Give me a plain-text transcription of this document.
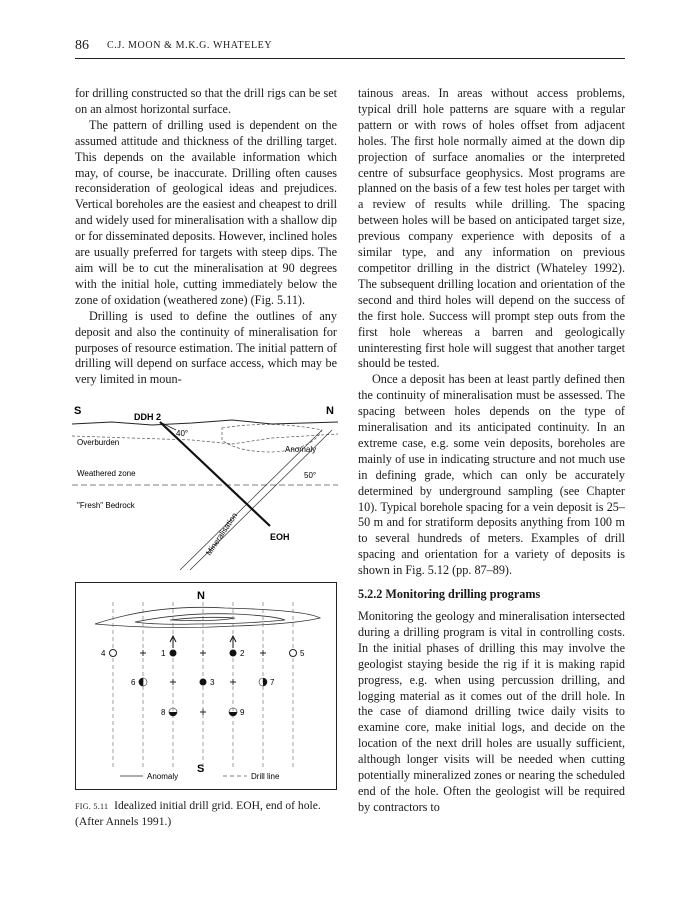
86 C.J. MOON & M.K.G. WHATELEY

for drilling constructed so that the drill rigs can be set on an almost horizontal surface.

The pattern of drilling used is dependent on the assumed attitude and thickness of the drilling target. This depends on the available information which may, of course, be inaccurate. Drilling often causes reconsideration of geological ideas and prejudices. Vertical boreholes are the easiest and cheapest to drill and widely used for mineralisation with a shallow dip or for disseminated deposits. However, inclined holes are usually preferred for targets with steep dips. The aim will be to cut the mineralisation at 90 degrees with the initial hole, cutting immediately below the zone of oxidation (weathered zone) (Fig. 5.11).

Drilling is used to define the outlines of any deposit and also the continuity of mineralisation for purposes of resource estimation. The initial pattern of drilling will depend on surface access, which may be very limited in moun-

S	N
DDH 2
Anomaly
Overburden
Weathered zone
"Fresh" Bedrock
Mineralisation
40°
50°
EOH
N
S
4	1	2	5
6	3	7
8	9
Anomaly	Drill line
FIG. 5.11 Idealized initial drill grid. EOH, end of hole. (After Annels 1991.)

tainous areas. In areas without access problems, typical drill hole patterns are square with a regular pattern or with rows of holes offset from adjacent holes. The first hole normally aimed at the down dip projection of surface anomalies or the interpreted centre of subsurface geophysics. Most programs are planned on the basis of a few test holes per target with a review of results while drilling. The spacing between holes will be based on anticipated target size, previous company experience with deposits of a similar type, and any information on previous competitor drilling in the district (Whateley 1992). The subsequent drilling location and orientation of the second and third holes will depend on the success of the first hole. Success will prompt step outs from the first hole whereas a barren and geologically uninteresting first hole will suggest that another target should be tested.

Once a deposit has been at least partly defined then the continuity of mineralisation must be assessed. The spacing between holes depends on the type of mineralisation and its anticipated continuity. In an extreme case, e.g. some vein deposits, boreholes are mainly of use in indicating structure and not much use in defining grade, which can only be accurately determined by underground sampling (see Chapter 10). Typical borehole spacing for a vein deposit is 25–50 m and for stratiform deposits anything from 100 m to several hundreds of meters. Examples of drill spacing and orientation for a variety of deposits is shown in Fig. 5.12 (pp. 87–89).

5.2.2 Monitoring drilling programs

Monitoring the geology and mineralisation intersected during a drilling program is vital in controlling costs. In the initial phases of drilling this may involve the geologist staying beside the rig if it is making rapid progress, e.g. when using percussion drilling, and logging material as it comes out of the drill hole. In the case of diamond drilling twice daily visits to examine core, make initial logs, and decide on the location of the next drill holes are usually sufficient, although longer visits will be needed when cutting potentially mineralized zones or nearing the scheduled end of the hole. Often the geologist will be required by contractors to
